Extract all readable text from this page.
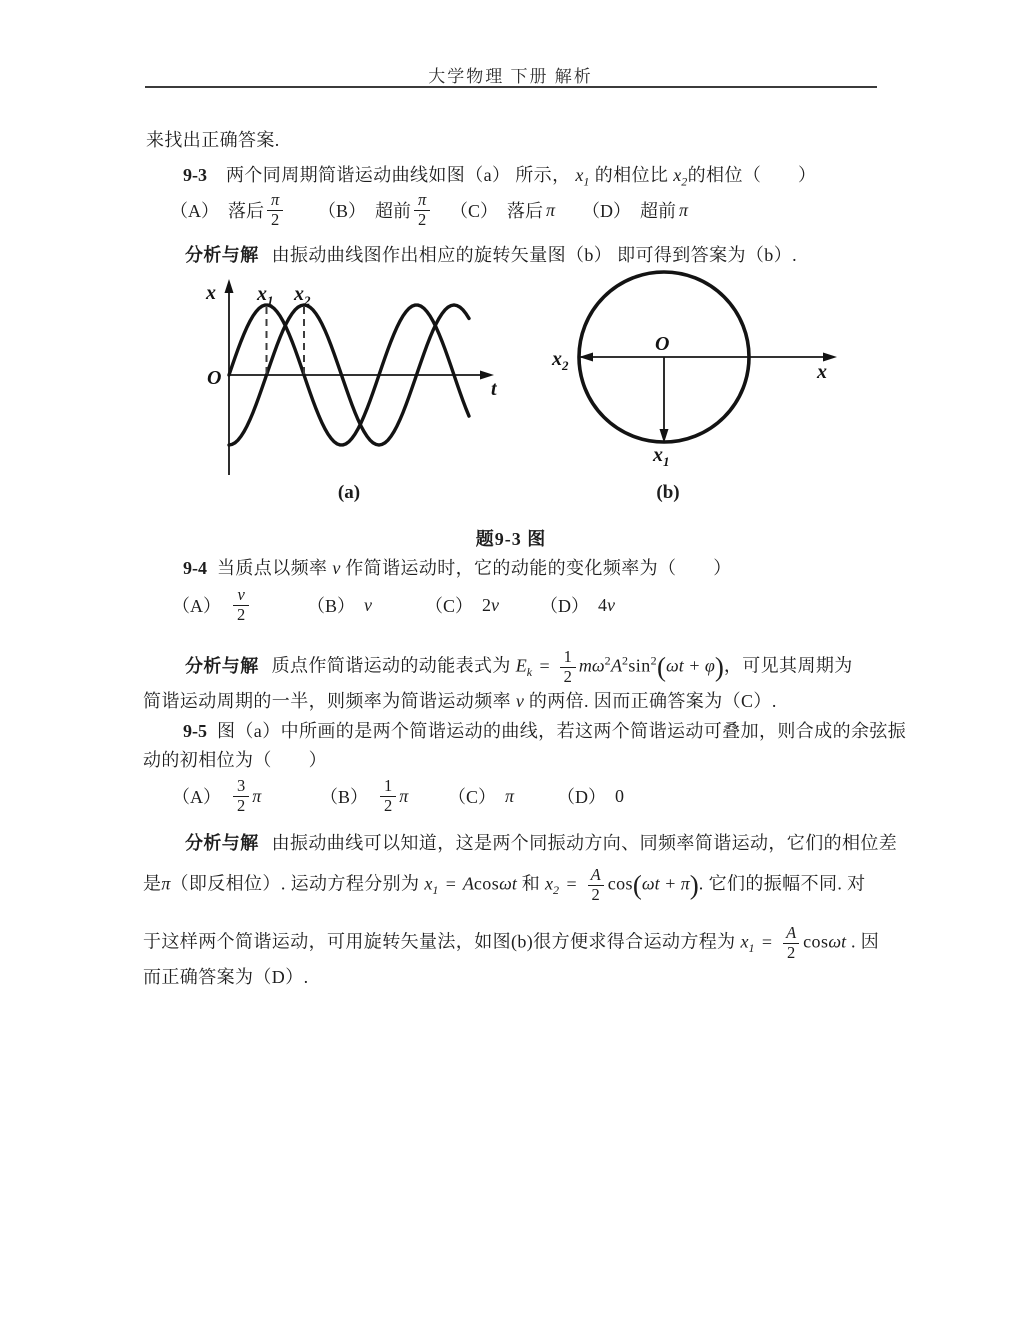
大学物理 下册 解析
来找出正确答案.
9-3 两个同周期简谐运动曲线如图（a） 所示， $x_1$ 的相位比 $x_2$的相位（　　）
（A） 落后 $\frac{\pi}{2} (B)$ 超前 $\frac{\pi}{2} (C)$ 落后 π （D） 超前 π
分析与解 由振动曲线图作出相应的旋转矢量图（b） 即可得到答案为（b）.
x
O	t
$x_1$ $x_2$
O
x
$x_2$
$x_1$
(a)	(b)
题9-3 图
9-4 当质点以频率 ν 作简谐运动时，它的动能的变化频率为（　　）
$(A) \frac{v}{2}$	（B） v	（C） 2 v （D） 4 v
分析与解 质点作简谐运动的动能表式为 $E_k = \frac{1}{2} m\omega^2A^2\sin^2(\omega t + \varphi)$，可见其周期为
简谐运动周期的一半，则频率为简谐运动频率 ν 的两倍. 因而正确答案为（C）.
9-5 图（a）中所画的是两个简谐运动的曲线，若这两个简谐运动可叠加，则合成的余弦振
动的初相位为（　　）
$(A) \frac{3}{2}$ π	$(B) \frac{1}{2}$ π （C） π （D） 0
分析与解 由振动曲线可以知道，这是两个同振动方向、同频率简谐运动，它们的相位差
是π（即反相位）. 运动方程分别为 $x_1 = Acos\omega t$ 和 $x_2 = \frac{A}{2} \cos(\omega t + \pi)$. 它们的振幅不同. 对
于这样两个简谐运动，可用旋转矢量法，如图(b)很方便求得合运动方程为 $x_1 = \frac{A}{2}$ cosωt . 因
而正确答案为（D）.
